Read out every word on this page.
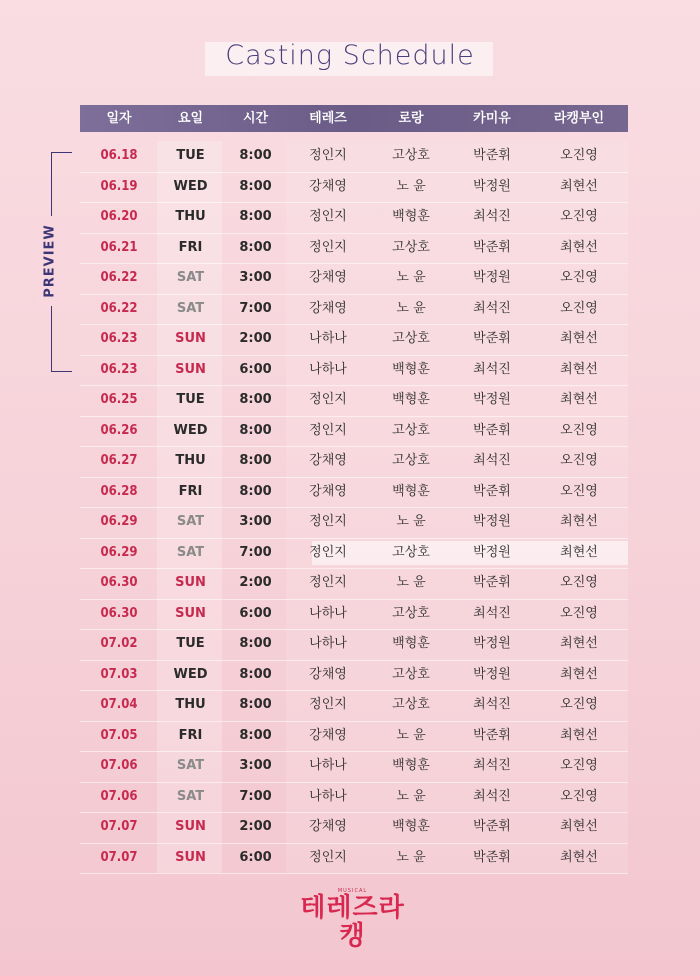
Casting Schedule
일자	요일	시간	테레즈	로랑	카미유	라캥부인
06.18	TUE	8:00	정인지	고상호	박준휘	오진영
06.19	WED	8:00	강채영	노 윤	박정원	최현선
06.20	THU	8:00	정인지	백형훈	최석진	오진영
06.21	FRI	8:00	정인지	고상호	박준휘	최현선
06.22	SAT	3:00	강채영	노 윤	박정원	오진영
06.22	SAT	7:00	강채영	노 윤	최석진	오진영
06.23	SUN	2:00	나하나	고상호	박준휘	최현선
06.23	SUN	6:00	나하나	백형훈	최석진	최현선
06.25	TUE	8:00	정인지	백형훈	박정원	최현선
06.26	WED	8:00	정인지	고상호	박준휘	오진영
06.27	THU	8:00	강채영	고상호	최석진	오진영
06.28	FRI	8:00	강채영	백형훈	박준휘	오진영
06.29	SAT	3:00	정인지	노 윤	박정원	최현선
06.29	SAT	7:00	정인지	고상호	박정원	최현선
06.30	SUN	2:00	정인지	노 윤	박준휘	오진영
06.30	SUN	6:00	나하나	고상호	최석진	오진영
07.02	TUE	8:00	나하나	백형훈	박정원	최현선
07.03	WED	8:00	강채영	고상호	박정원	최현선
07.04	THU	8:00	정인지	고상호	최석진	오진영
07.05	FRI	8:00	강채영	노 윤	박준휘	최현선
07.06	SAT	3:00	나하나	백형훈	최석진	오진영
07.06	SAT	7:00	나하나	노 윤	최석진	오진영
07.07	SUN	2:00	강채영	백형훈	박준휘	최현선
07.07	SUN	6:00	정인지	노 윤	박준휘	최현선
PREVIEW
MUSICAL
테레즈라캥
